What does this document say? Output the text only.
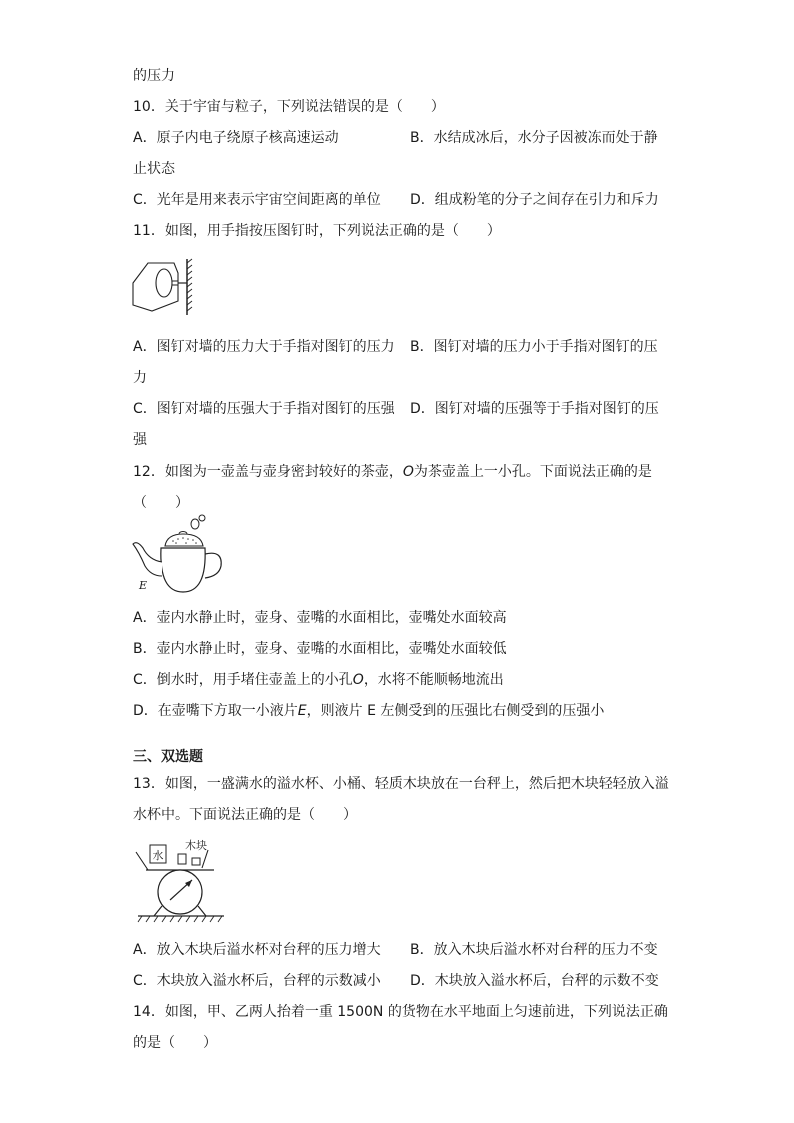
的压力
10．关于宇宙与粒子，下列说法错误的是（　　）
A．原子内电子绕原子核高速运动	B．水结成冰后，水分子因被冻而处于静
止状态
C．光年是用来表示宇宙空间距离的单位 D．组成粉笔的分子之间存在引力和斥力
11．如图，用手指按压图钉时，下列说法正确的是（　　）
A．图钉对墙的压力大于手指对图钉的压力 B．图钉对墙的压力小于手指对图钉的压
力
C．图钉对墙的压强大于手指对图钉的压强 D．图钉对墙的压强等于手指对图钉的压
强
12．如图为一壶盖与壶身密封较好的茶壶，O为茶壶盖上一小孔。下面说法正确的是
（　　）
E
A．壶内水静止时，壶身、壶嘴的水面相比，壶嘴处水面较高
B．壶内水静止时，壶身、壶嘴的水面相比，壶嘴处水面较低
C．倒水时，用手堵住壶盖上的小孔O，水将不能顺畅地流出
D．在壶嘴下方取一小液片E，则液片 E 左侧受到的压强比右侧受到的压强小
三、双选题
13．如图，一盛满水的溢水杯、小桶、轻质木块放在一台秤上，然后把木块轻轻放入溢
水杯中。下面说法正确的是（　　）
水
木块
A．放入木块后溢水杯对台秤的压力增大 B．放入木块后溢水杯对台秤的压力不变
C．木块放入溢水杯后，台秤的示数减小 D．木块放入溢水杯后，台秤的示数不变
14．如图，甲、乙两人抬着一重 1500N 的货物在水平地面上匀速前进，下列说法正确
的是（　　）
